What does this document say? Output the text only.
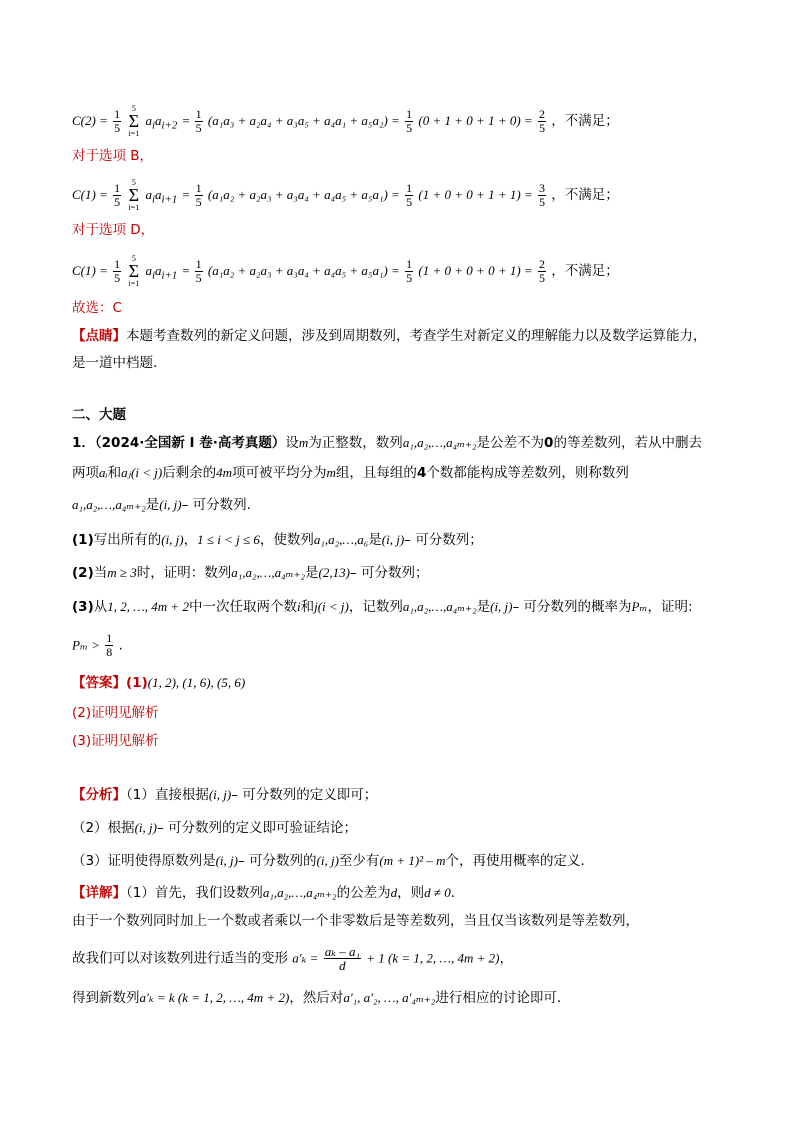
$C(2) = \frac{1}{5}$
	5
Σ
i=1
$a_ia_{i+2} = \frac{1}{5} (a_1a_3 + a_2a_4 + a_3a_5 + a_4a_1 + a_5a_2) = \frac{1}{5} (0 + 1 + 0 + 1 + 0) = \frac{2}{5}$ ，不满足；
对于选项 B，
$C(1) = \frac{1}{5}$
	5
Σ
i=1
$a_ia_{i+1} = \frac{1}{5} (a_1a_2 + a_2a_3 + a_3a_4 + a_4a_5 + a_5a_1) = \frac{1}{5} (1 + 0 + 0 + 1 + 1) = \frac{3}{5}$ ，不满足；
对于选项 D，
$C(1) = \frac{1}{5}$
	5
Σ
i=1
$a_ia_{i+1} = \frac{1}{5} (a_1a_2 + a_2a_3 + a_3a_4 + a_4a_5 + a_5a_1) = \frac{1}{5} (1 + 0 + 0 + 0 + 1) = \frac{2}{5}$ ，不满足；
故选：C
【点睛】本题考查数列的新定义问题，涉及到周期数列，考查学生对新定义的理解能力以及数学运算能力，
是一道中档题.
二、大题
1．（2024·全国新 I 卷·高考真题）设m为正整数，数列a₁,a₂,…,a₄ₘ₊₂是公差不为0的等差数列，若从中删去
两项aᵢ和aⱼ(i < j)后剩余的4m项可被平均分为m组，且每组的4个数都能构成等差数列，则称数列
a₁,a₂,…,a₄ₘ₊₂是(i, j)– 可分数列.
(1)写出所有的(i, j)，1 ≤ i < j ≤ 6，使数列a₁,a₂,…,a₆是(i, j)– 可分数列；
(2)当m ≥ 3时，证明：数列a₁,a₂,…,a₄ₘ₊₂是(2,13)– 可分数列；
(3)从1, 2, …, 4m + 2中一次任取两个数i和j(i < j)，记数列a₁,a₂,…,a₄ₘ₊₂是(i, j)– 可分数列的概率为Pₘ，证明:
$P_m > \frac{1}{8}$ .
【答案】(1)(1, 2), (1, 6), (5, 6)
(2)证明见解析
(3)证明见解析
【分析】（1）直接根据(i, j)– 可分数列的定义即可；
（2）根据(i, j)– 可分数列的定义即可验证结论；
（3）证明使得原数列是(i, j)– 可分数列的(i, j)至少有(m + 1)² – m个，再使用概率的定义.
【详解】（1）首先，我们设数列a₁,a₂,…,a₄ₘ₊₂的公差为d，则d ≠ 0.
由于一个数列同时加上一个数或者乘以一个非零数后是等差数列，当且仅当该数列是等差数列，
故我们可以对该数列进行适当的变形 $a'_k = \frac{\text{aₖ – a₁}}{d} + 1$ (k = 1, 2, …, 4m + 2)，
得到新数列a′ₖ = k (k = 1, 2, …, 4m + 2)，然后对a′₁, a′₂, …, a′₄ₘ₊₂进行相应的讨论即可.
